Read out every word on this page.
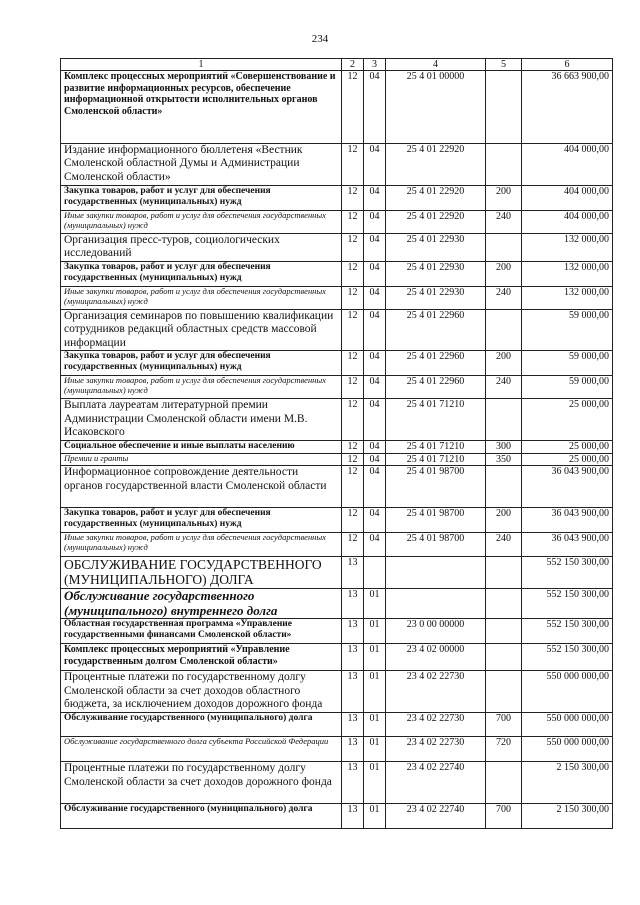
234
1	2	3	4	5	6
Комплекс процессных мероприятий «Совершенствование и развитие информационных ресурсов, обеспечение информационной открытости исполнительных органов Смоленской области»	12	04	25 4 01 00000		36 663 900,00
Издание информационного бюллетеня «Вестник Смоленской областной Думы и Администрации Смоленской области»	12	04	25 4 01 22920		404 000,00
Закупка товаров, работ и услуг для обеспечения государственных (муниципальных) нужд	12	04	25 4 01 22920	200	404 000,00
Иные закупки товаров, работ и услуг для обеспечения государственных (муниципальных) нужд	12	04	25 4 01 22920	240	404 000,00
Организация пресс-туров, социологических исследований	12	04	25 4 01 22930		132 000,00
Закупка товаров, работ и услуг для обеспечения государственных (муниципальных) нужд	12	04	25 4 01 22930	200	132 000,00
Иные закупки товаров, работ и услуг для обеспечения государственных (муниципальных) нужд	12	04	25 4 01 22930	240	132 000,00
Организация семинаров по повышению квалификации сотрудников редакций областных средств массовой информации	12	04	25 4 01 22960		59 000,00
Закупка товаров, работ и услуг для обеспечения государственных (муниципальных) нужд	12	04	25 4 01 22960	200	59 000,00
Иные закупки товаров, работ и услуг для обеспечения государственных (муниципальных) нужд	12	04	25 4 01 22960	240	59 000,00
Выплата лауреатам литературной премии Администрации Смоленской области имени М.В. Исаковского	12	04	25 4 01 71210		25 000,00
Социальное обеспечение и иные выплаты населению	12	04	25 4 01 71210	300	25 000,00
Премии и гранты	12	04	25 4 01 71210	350	25 000,00
Информационное сопровождение деятельности органов государственной власти Смоленской области	12	04	25 4 01 98700		36 043 900,00
Закупка товаров, работ и услуг для обеспечения государственных (муниципальных) нужд	12	04	25 4 01 98700	200	36 043 900,00
Иные закупки товаров, работ и услуг для обеспечения государственных (муниципальных) нужд	12	04	25 4 01 98700	240	36 043 900,00
ОБСЛУЖИВАНИЕ ГОСУДАРСТВЕННОГО (МУНИЦИПАЛЬНОГО) ДОЛГА	13				552 150 300,00
Обслуживание государственного (муниципального) внутреннего долга	13	01			552 150 300,00
Областная государственная программа «Управление государственными финансами Смоленской области»	13	01	23 0 00 00000		552 150 300,00
Комплекс процессных мероприятий «Управление государственным долгом Смоленской области»	13	01	23 4 02 00000		552 150 300,00
Процентные платежи по государственному долгу Смоленской области за счет доходов областного бюджета, за исключением доходов дорожного фонда	13	01	23 4 02 22730		550 000 000,00
Обслуживание государственного (муниципального) долга	13	01	23 4 02 22730	700	550 000 000,00
Обслуживание государственного долга субъекта Российской Федерации	13	01	23 4 02 22730	720	550 000 000,00
Процентные платежи по государственному долгу Смоленской области за счет доходов дорожного фонда	13	01	23 4 02 22740		2 150 300,00
Обслуживание государственного (муниципального) долга	13	01	23 4 02 22740	700	2 150 300,00
